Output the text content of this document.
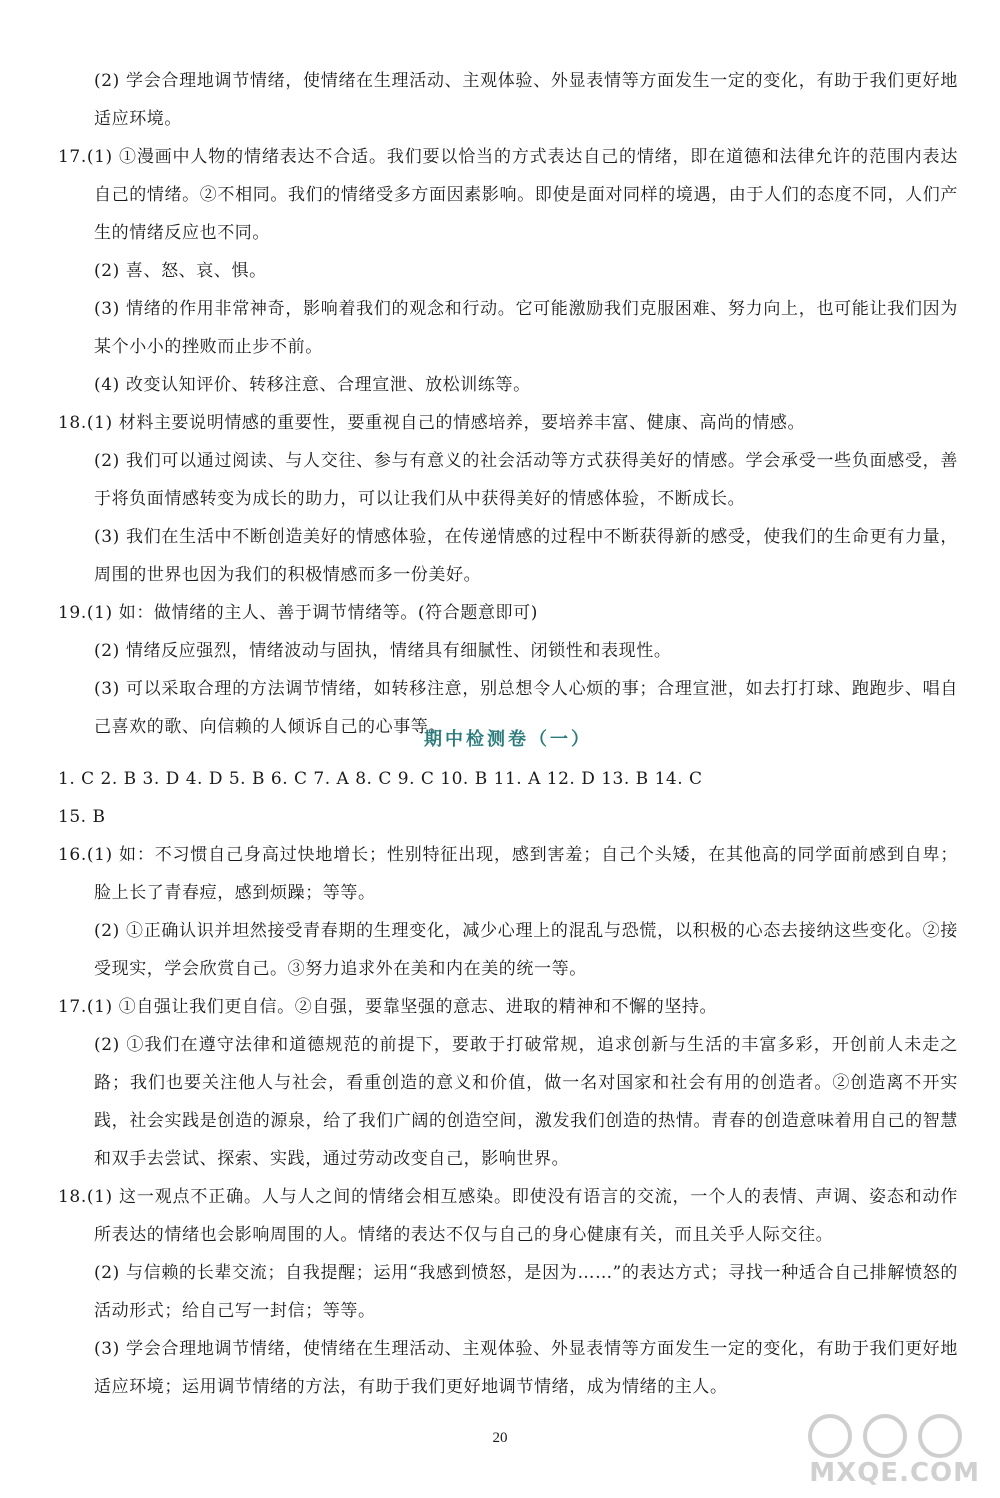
(2) 学会合理地调节情绪，使情绪在生理活动、主观体验、外显表情等方面发生一定的变化，有助于我们更好地适应环境。

17.(1) ①漫画中人物的情绪表达不合适。我们要以恰当的方式表达自己的情绪，即在道德和法律允许的范围内表达自己的情绪。②不相同。我们的情绪受多方面因素影响。即使是面对同样的境遇，由于人们的态度不同，人们产生的情绪反应也不同。

(2) 喜、怒、哀、惧。

(3) 情绪的作用非常神奇，影响着我们的观念和行动。它可能激励我们克服困难、努力向上，也可能让我们因为某个小小的挫败而止步不前。

(4) 改变认知评价、转移注意、合理宣泄、放松训练等。

18.(1) 材料主要说明情感的重要性，要重视自己的情感培养，要培养丰富、健康、高尚的情感。

(2) 我们可以通过阅读、与人交往、参与有意义的社会活动等方式获得美好的情感。学会承受一些负面感受，善于将负面情感转变为成长的助力，可以让我们从中获得美好的情感体验，不断成长。

(3) 我们在生活中不断创造美好的情感体验，在传递情感的过程中不断获得新的感受，使我们的生命更有力量，周围的世界也因为我们的积极情感而多一份美好。

19.(1) 如：做情绪的主人、善于调节情绪等。(符合题意即可)

(2) 情绪反应强烈，情绪波动与固执，情绪具有细腻性、闭锁性和表现性。

(3) 可以采取合理的方法调节情绪，如转移注意，别总想令人心烦的事；合理宣泄，如去打打球、跑跑步、唱自己喜欢的歌、向信赖的人倾诉自己的心事等。

期中检测卷（一）

1. C 2. B 3. D 4. D 5. B 6. C 7. A 8. C 9. C 10. B 11. A 12. D 13. B 14. C

15. B

16.(1) 如：不习惯自己身高过快地增长；性别特征出现，感到害羞；自己个头矮，在其他高的同学面前感到自卑；脸上长了青春痘，感到烦躁；等等。

(2) ①正确认识并坦然接受青春期的生理变化，减少心理上的混乱与恐慌，以积极的心态去接纳这些变化。②接受现实，学会欣赏自己。③努力追求外在美和内在美的统一等。

17.(1) ①自强让我们更自信。②自强，要靠坚强的意志、进取的精神和不懈的坚持。

(2) ①我们在遵守法律和道德规范的前提下，要敢于打破常规，追求创新与生活的丰富多彩，开创前人未走之路；我们也要关注他人与社会，看重创造的意义和价值，做一名对国家和社会有用的创造者。②创造离不开实践，社会实践是创造的源泉，给了我们广阔的创造空间，激发我们创造的热情。青春的创造意味着用自己的智慧和双手去尝试、探索、实践，通过劳动改变自己，影响世界。

18.(1) 这一观点不正确。人与人之间的情绪会相互感染。即使没有语言的交流，一个人的表情、声调、姿态和动作所表达的情绪也会影响周围的人。情绪的表达不仅与自己的身心健康有关，而且关乎人际交往。

(2) 与信赖的长辈交流；自我提醒；运用“我感到愤怒，是因为……”的表达方式；寻找一种适合自己排解愤怒的活动形式；给自己写一封信；等等。

(3) 学会合理地调节情绪，使情绪在生理活动、主观体验、外显表情等方面发生一定的变化，有助于我们更好地适应环境；运用调节情绪的方法，有助于我们更好地调节情绪，成为情绪的主人。

20
MXQE.COM
